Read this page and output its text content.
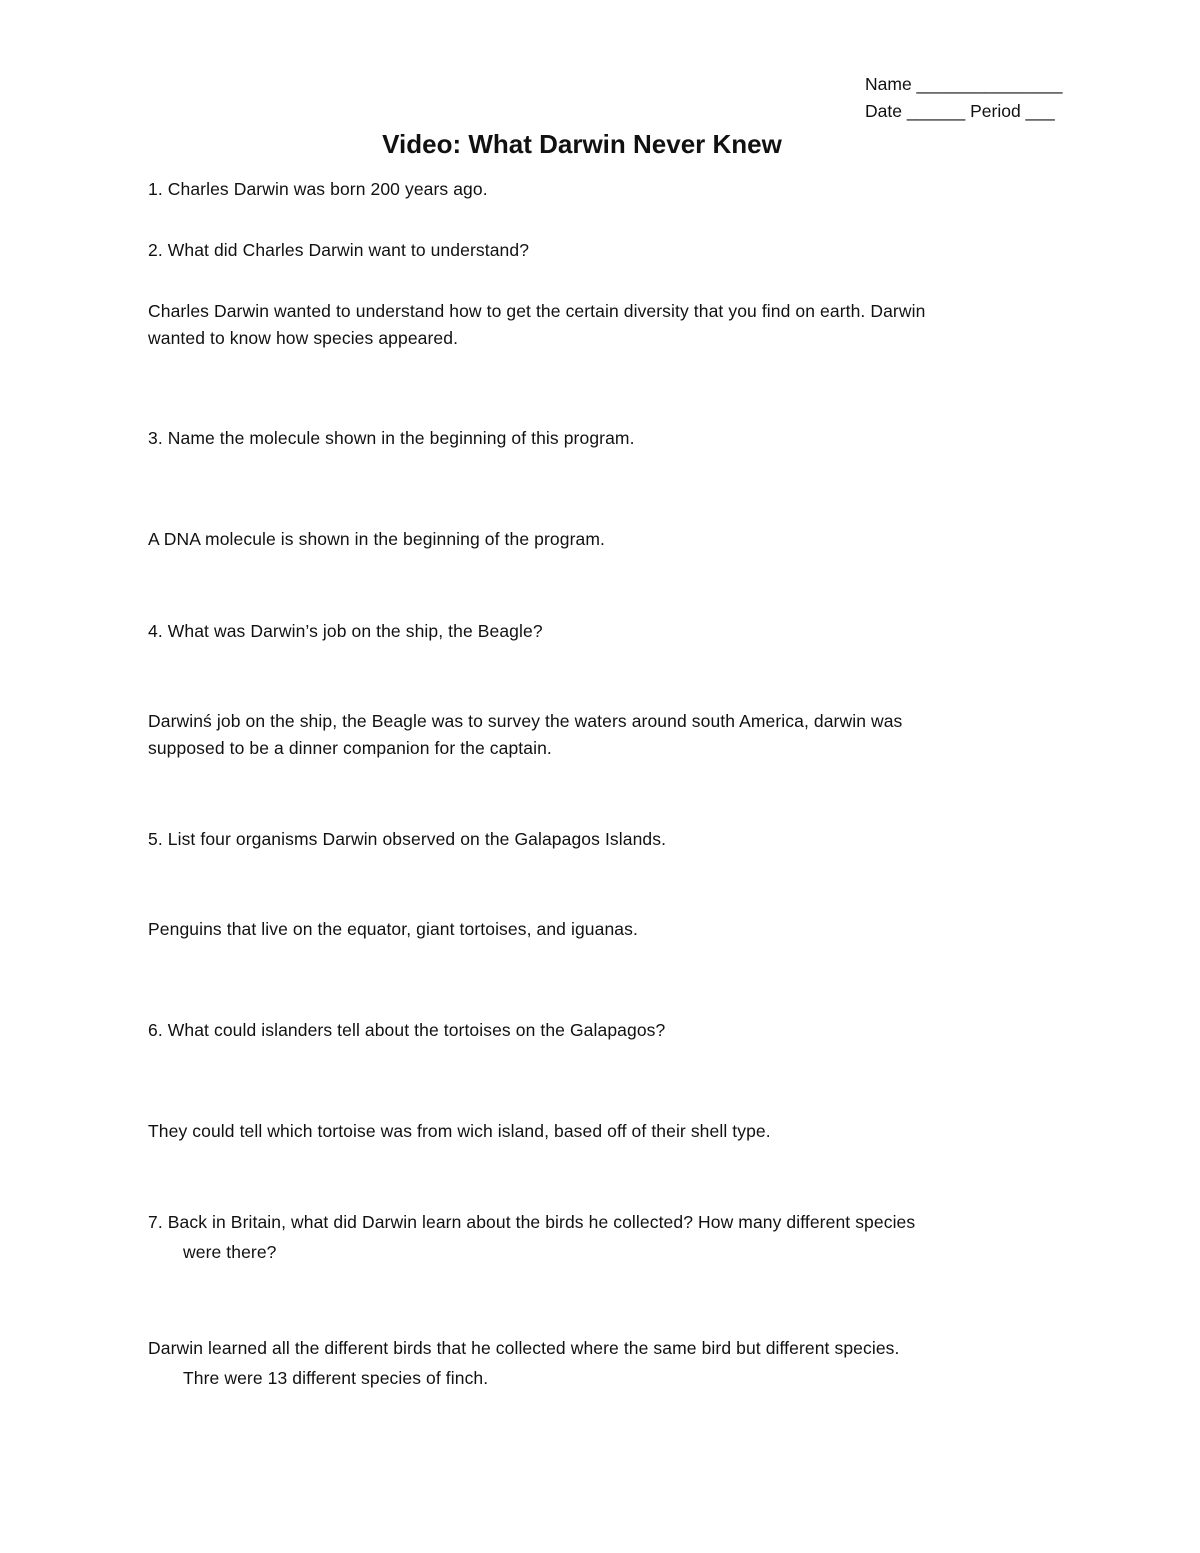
Name _______________
Date ______ Period ___
Video: What Darwin Never Knew
1. Charles Darwin was born 200 years ago.
2. What did Charles Darwin want to understand?
Charles Darwin wanted to understand how to get the certain diversity that you find on earth. Darwin
wanted to know how species appeared.
3. Name the molecule shown in the beginning of this program.
A DNA molecule is shown in the beginning of the program.
4. What was Darwin’s job on the ship, the Beagle?
Darwinś job on the ship, the Beagle was to survey the waters around south America, darwin was
supposed to be a dinner companion for the captain.
5. List four organisms Darwin observed on the Galapagos Islands.
Penguins that live on the equator, giant tortoises, and iguanas.
6. What could islanders tell about the tortoises on the Galapagos?
They could tell which tortoise was from wich island, based off of their shell type.
7. Back in Britain, what did Darwin learn about the birds he collected? How many different species
were there?
Darwin learned all the different birds that he collected where the same bird but different species.
Thre were 13 different species of finch.
